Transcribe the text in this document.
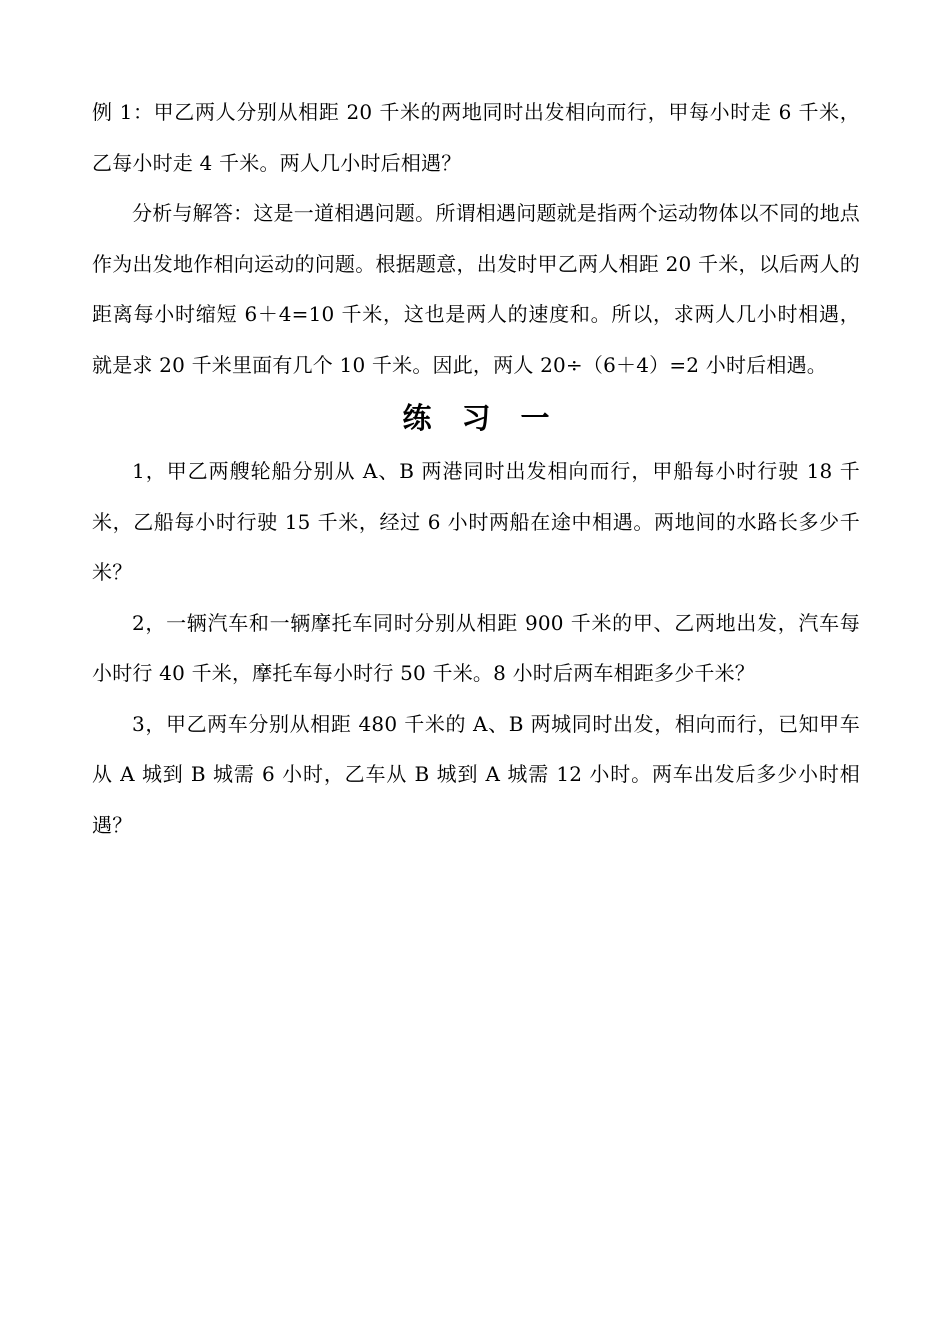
例 1：甲乙两人分别从相距 20 千米的两地同时出发相向而行，甲每小时走 6 千米，乙每小时走 4 千米。两人几小时后相遇？

分析与解答：这是一道相遇问题。所谓相遇问题就是指两个运动物体以不同的地点作为出发地作相向运动的问题。根据题意，出发时甲乙两人相距 20 千米，以后两人的距离每小时缩短 6＋4=10 千米，这也是两人的速度和。所以，求两人几小时相遇，就是求 20 千米里面有几个 10 千米。因此，两人 20÷（6＋4）=2 小时后相遇。

练习一

1，甲乙两艘轮船分别从 A、B 两港同时出发相向而行，甲船每小时行驶 18 千米，乙船每小时行驶 15 千米，经过 6 小时两船在途中相遇。两地间的水路长多少千米？

2，一辆汽车和一辆摩托车同时分别从相距 900 千米的甲、乙两地出发，汽车每小时行 40 千米，摩托车每小时行 50 千米。8 小时后两车相距多少千米？

3，甲乙两车分别从相距 480 千米的 A、B 两城同时出发，相向而行，已知甲车从 A 城到 B 城需 6 小时，乙车从 B 城到 A 城需 12 小时。两车出发后多少小时相遇？
